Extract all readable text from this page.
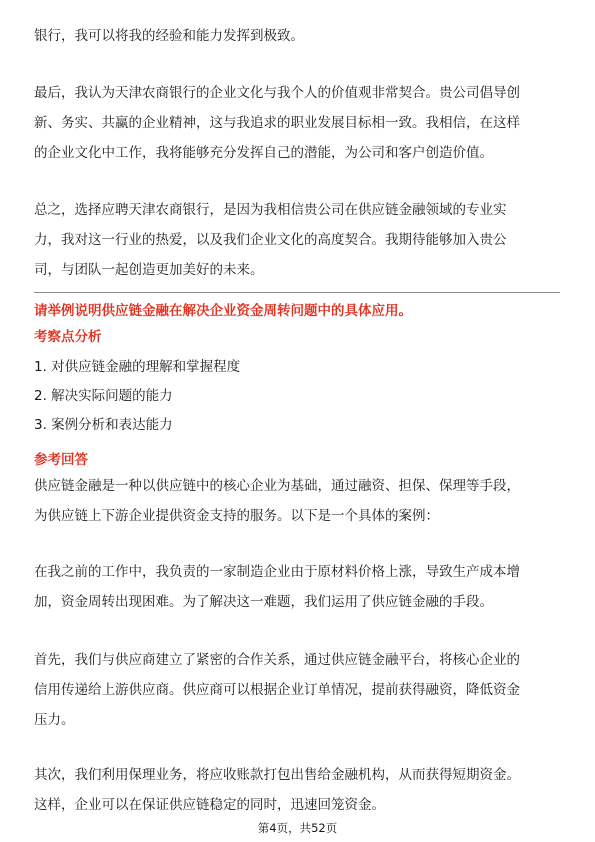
银行，我可以将我的经验和能力发挥到极致。
最后，我认为天津农商银行的企业文化与我个人的价值观非常契合。贵公司倡导创
新、务实、共赢的企业精神，这与我追求的职业发展目标相一致。我相信，在这样
的企业文化中工作，我将能够充分发挥自己的潜能，为公司和客户创造价值。
总之，选择应聘天津农商银行，是因为我相信贵公司在供应链金融领域的专业实
力，我对这一行业的热爱，以及我们企业文化的高度契合。我期待能够加入贵公
司，与团队一起创造更加美好的未来。
请举例说明供应链金融在解决企业资金周转问题中的具体应用。
考察点分析
1. 对供应链金融的理解和掌握程度
2. 解决实际问题的能力
3. 案例分析和表达能力
参考回答
供应链金融是一种以供应链中的核心企业为基础，通过融资、担保、保理等手段，
为供应链上下游企业提供资金支持的服务。以下是一个具体的案例：
在我之前的工作中，我负责的一家制造企业由于原材料价格上涨，导致生产成本增
加，资金周转出现困难。为了解决这一难题，我们运用了供应链金融的手段。
首先，我们与供应商建立了紧密的合作关系，通过供应链金融平台，将核心企业的
信用传递给上游供应商。供应商可以根据企业订单情况，提前获得融资，降低资金
压力。
其次，我们利用保理业务，将应收账款打包出售给金融机构，从而获得短期资金。
这样，企业可以在保证供应链稳定的同时，迅速回笼资金。
第4页，共52页
